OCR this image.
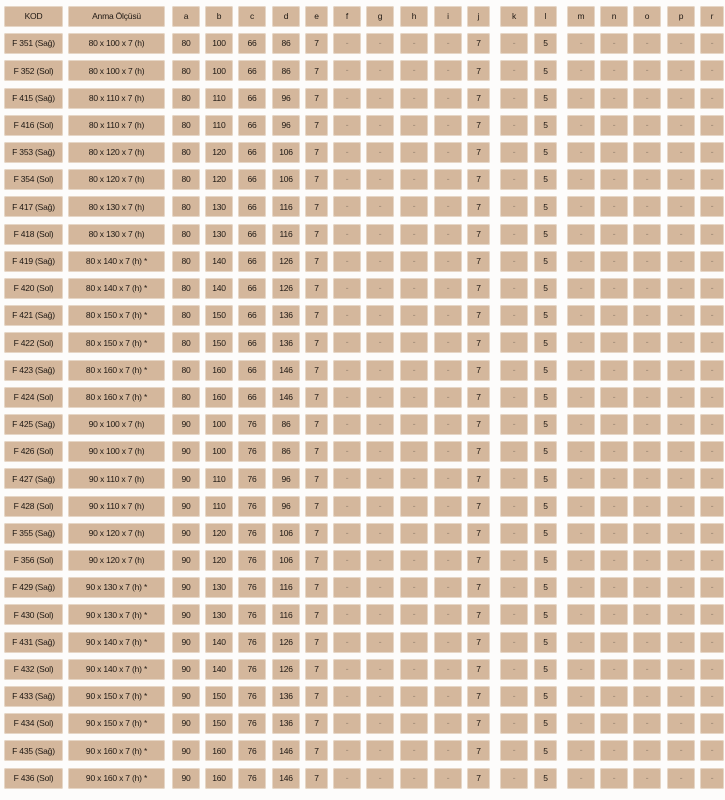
KOD	Anma Ölçüsü	a	b	c	d	e	f	g	h	i	j	k	l	m	n	o	p	r
F 351 (Sağ)	80 x 100 x 7 (h)	80	100	66	86	7	-	-	-	-	7	-	5	-	-	-	-	-
F 352 (Sol)	80 x 100 x 7 (h)	80	100	66	86	7	-	-	-	-	7	-	5	-	-	-	-	-
F 415 (Sağ)	80 x 110 x 7 (h)	80	110	66	96	7	-	-	-	-	7	-	5	-	-	-	-	-
F 416 (Sol)	80 x 110 x 7 (h)	80	110	66	96	7	-	-	-	-	7	-	5	-	-	-	-	-
F 353 (Sağ)	80 x 120 x 7 (h)	80	120	66	106	7	-	-	-	-	7	-	5	-	-	-	-	-
F 354 (Sol)	80 x 120 x 7 (h)	80	120	66	106	7	-	-	-	-	7	-	5	-	-	-	-	-
F 417 (Sağ)	80 x 130 x 7 (h)	80	130	66	116	7	-	-	-	-	7	-	5	-	-	-	-	-
F 418 (Sol)	80 x 130 x 7 (h)	80	130	66	116	7	-	-	-	-	7	-	5	-	-	-	-	-
F 419 (Sağ)	80 x 140 x 7 (h) *	80	140	66	126	7	-	-	-	-	7	-	5	-	-	-	-	-
F 420 (Sol)	80 x 140 x 7 (h) *	80	140	66	126	7	-	-	-	-	7	-	5	-	-	-	-	-
F 421 (Sağ)	80 x 150 x 7 (h) *	80	150	66	136	7	-	-	-	-	7	-	5	-	-	-	-	-
F 422 (Sol)	80 x 150 x 7 (h) *	80	150	66	136	7	-	-	-	-	7	-	5	-	-	-	-	-
F 423 (Sağ)	80 x 160 x 7 (h) *	80	160	66	146	7	-	-	-	-	7	-	5	-	-	-	-	-
F 424 (Sol)	80 x 160 x 7 (h) *	80	160	66	146	7	-	-	-	-	7	-	5	-	-	-	-	-
F 425 (Sağ)	90 x 100 x 7 (h)	90	100	76	86	7	-	-	-	-	7	-	5	-	-	-	-	-
F 426 (Sol)	90 x 100 x 7 (h)	90	100	76	86	7	-	-	-	-	7	-	5	-	-	-	-	-
F 427 (Sağ)	90 x 110 x 7 (h)	90	110	76	96	7	-	-	-	-	7	-	5	-	-	-	-	-
F 428 (Sol)	90 x 110 x 7 (h)	90	110	76	96	7	-	-	-	-	7	-	5	-	-	-	-	-
F 355 (Sağ)	90 x 120 x 7 (h)	90	120	76	106	7	-	-	-	-	7	-	5	-	-	-	-	-
F 356 (Sol)	90 x 120 x 7 (h)	90	120	76	106	7	-	-	-	-	7	-	5	-	-	-	-	-
F 429 (Sağ)	90 x 130 x 7 (h) *	90	130	76	116	7	-	-	-	-	7	-	5	-	-	-	-	-
F 430 (Sol)	90 x 130 x 7 (h) *	90	130	76	116	7	-	-	-	-	7	-	5	-	-	-	-	-
F 431 (Sağ)	90 x 140 x 7 (h) *	90	140	76	126	7	-	-	-	-	7	-	5	-	-	-	-	-
F 432 (Sol)	90 x 140 x 7 (h) *	90	140	76	126	7	-	-	-	-	7	-	5	-	-	-	-	-
F 433 (Sağ)	90 x 150 x 7 (h) *	90	150	76	136	7	-	-	-	-	7	-	5	-	-	-	-	-
F 434 (Sol)	90 x 150 x 7 (h) *	90	150	76	136	7	-	-	-	-	7	-	5	-	-	-	-	-
F 435 (Sağ)	90 x 160 x 7 (h) *	90	160	76	146	7	-	-	-	-	7	-	5	-	-	-	-	-
F 436 (Sol)	90 x 160 x 7 (h) *	90	160	76	146	7	-	-	-	-	7	-	5	-	-	-	-	-
